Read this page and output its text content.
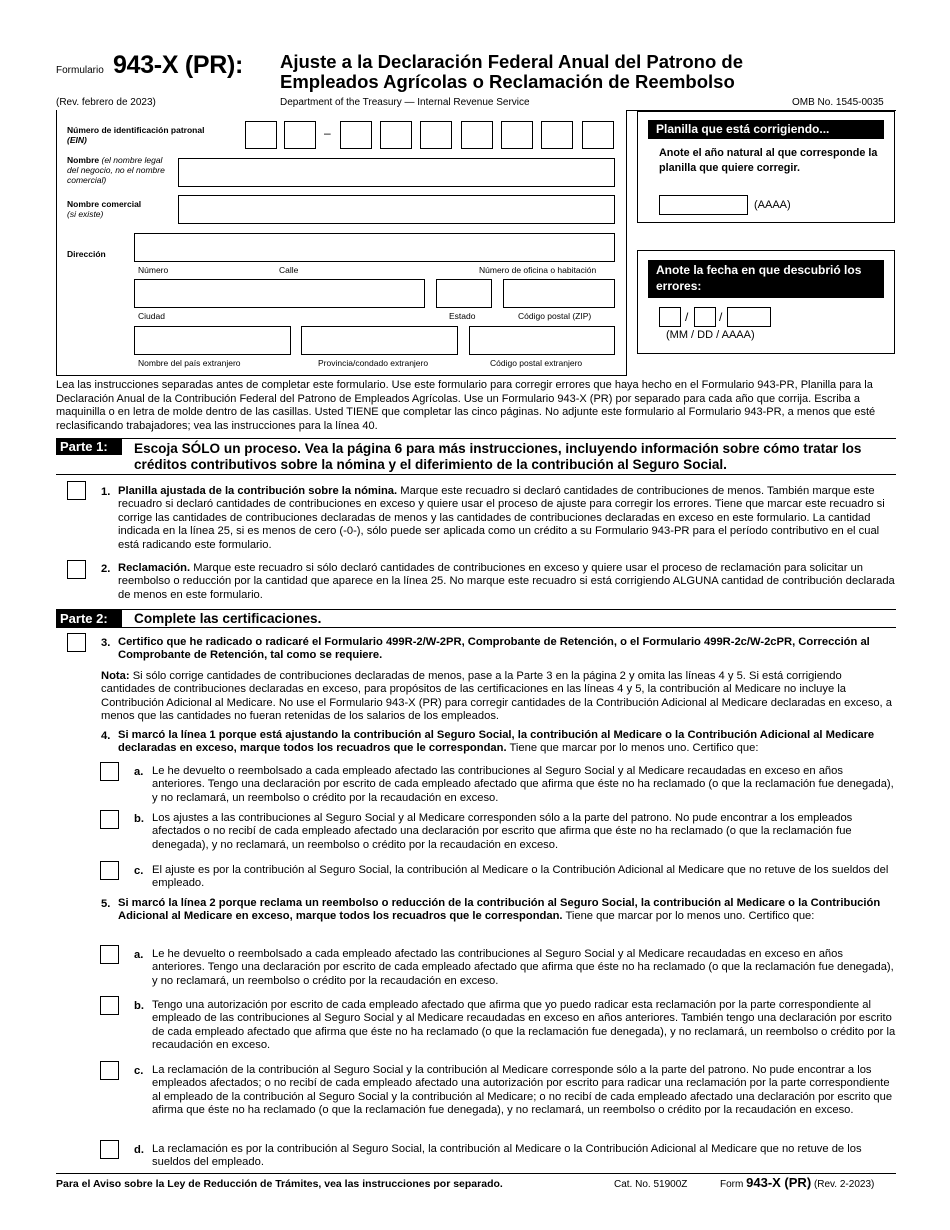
Formulario 943-X (PR): Ajuste a la Declaración Federal Anual del Patrono de
Empleados Agrícolas o Reclamación de Reembolso
(Rev. febrero de 2023)	Department of the Treasury — Internal Revenue Service	OMB No. 1545-0035
Número de identificación patronal
(EIN)	–
Nombre (el nombre legal del negocio, no el nombre comercial)
Nombre comercial
(si existe)
Dirección
Número	Calle	Número de oficina o habitación
Ciudad	Estado	Código postal (ZIP)
Nombre del país extranjero	Provincia/condado extranjero	Código postal extranjero
Planilla que está corrigiendo...
Anote el año natural al que corresponde la planilla que quiere corregir.
(AAAA)
Anote la fecha en que descubrió los errores:
/	/
(MM / DD / AAAA)
Lea las instrucciones separadas antes de completar este formulario. Use este formulario para corregir errores que haya hecho en el Formulario 943-PR, Planilla para la Declaración Anual de la Contribución Federal del Patrono de Empleados Agrícolas. Use un Formulario 943-X (PR) por separado para cada año que corrija. Escriba a maquinilla o en letra de molde dentro de las casillas. Usted TIENE que completar las cinco páginas. No adjunte este formulario al Formulario 943-PR, a menos que esté reclasificando trabajadores; vea las instrucciones para la línea 40.
Parte 1:	Escoja SÓLO un proceso. Vea la página 6 para más instrucciones, incluyendo información sobre cómo tratar los créditos contributivos sobre la nómina y el diferimiento de la contribución al Seguro Social.
1. Planilla ajustada de la contribución sobre la nómina. Marque este recuadro si declaró cantidades de contribuciones de menos. También marque este recuadro si declaró cantidades de contribuciones en exceso y quiere usar el proceso de ajuste para corregir los errores. Tiene que marcar este recuadro si corrige las cantidades de contribuciones declaradas de menos y las cantidades de contribuciones declaradas en exceso en este formulario. La cantidad indicada en la línea 25, si es menos de cero (-0-), sólo puede ser aplicada como un crédito a su Formulario 943-PR para el período contributivo en el cual está radicando este formulario.
2. Reclamación. Marque este recuadro si sólo declaró cantidades de contribuciones en exceso y quiere usar el proceso de reclamación para solicitar un reembolso o reducción por la cantidad que aparece en la línea 25. No marque este recuadro si está corrigiendo ALGUNA cantidad de contribución declarada de menos en este formulario.
Parte 2:	Complete las certificaciones.
3. Certifico que he radicado o radicaré el Formulario 499R-2/W-2PR, Comprobante de Retención, o el Formulario 499R-2c/W-2cPR, Corrección al Comprobante de Retención, tal como se requiere.
Nota: Si sólo corrige cantidades de contribuciones declaradas de menos, pase a la Parte 3 en la página 2 y omita las líneas 4 y 5. Si está corrigiendo cantidades de contribuciones declaradas en exceso, para propósitos de las certificaciones en las líneas 4 y 5, la contribución al Medicare no incluye la Contribución Adicional al Medicare. No use el Formulario 943-X (PR) para corregir cantidades de la Contribución Adicional al Medicare declaradas en exceso, a menos que las cantidades no fueran retenidas de los salarios de los empleados.
4. Si marcó la línea 1 porque está ajustando la contribución al Seguro Social, la contribución al Medicare o la Contribución Adicional al Medicare declaradas en exceso, marque todos los recuadros que le correspondan. Tiene que marcar por lo menos uno. Certifico que:
a. Le he devuelto o reembolsado a cada empleado afectado las contribuciones al Seguro Social y al Medicare recaudadas en exceso en años anteriores. Tengo una declaración por escrito de cada empleado afectado que afirma que éste no ha reclamado (o que la reclamación fue denegada), y no reclamará, un reembolso o crédito por la recaudación en exceso.
b. Los ajustes a las contribuciones al Seguro Social y al Medicare corresponden sólo a la parte del patrono. No pude encontrar a los empleados afectados o no recibí de cada empleado afectado una declaración por escrito que afirma que éste no ha reclamado (o que la reclamación fue denegada), y no reclamará, un reembolso o crédito por la recaudación en exceso.
c. El ajuste es por la contribución al Seguro Social, la contribución al Medicare o la Contribución Adicional al Medicare que no retuve de los sueldos del empleado.
5. Si marcó la línea 2 porque reclama un reembolso o reducción de la contribución al Seguro Social, la contribución al Medicare o la Contribución Adicional al Medicare en exceso, marque todos los recuadros que le correspondan. Tiene que marcar por lo menos uno. Certifico que:
a. Le he devuelto o reembolsado a cada empleado afectado las contribuciones al Seguro Social y al Medicare recaudadas en exceso en años anteriores. Tengo una declaración por escrito de cada empleado afectado que afirma que éste no ha reclamado (o que la reclamación fue denegada), y no reclamará, un reembolso o crédito por la recaudación en exceso.
b. Tengo una autorización por escrito de cada empleado afectado que afirma que yo puedo radicar esta reclamación por la parte correspondiente al empleado de las contribuciones al Seguro Social y al Medicare recaudadas en exceso en años anteriores. También tengo una declaración por escrito de cada empleado afectado que afirma que éste no ha reclamado (o que la reclamación fue denegada), y no reclamará, un reembolso o crédito por la recaudación en exceso.
c. La reclamación de la contribución al Seguro Social y la contribución al Medicare corresponde sólo a la parte del patrono. No pude encontrar a los empleados afectados; o no recibí de cada empleado afectado una autorización por escrito para radicar una reclamación por la parte correspondiente al empleado de la contribución al Seguro Social y la contribución al Medicare; o no recibí de cada empleado afectado una declaración por escrito que afirma que éste no ha reclamado (o que la reclamación fue denegada), y no reclamará, un reembolso o crédito por la recaudación en exceso.
d. La reclamación es por la contribución al Seguro Social, la contribución al Medicare o la Contribución Adicional al Medicare que no retuve de los sueldos del empleado.
Para el Aviso sobre la Ley de Reducción de Trámites, vea las instrucciones por separado.	Cat. No. 51900Z	Form 943-X (PR) (Rev. 2-2023)
